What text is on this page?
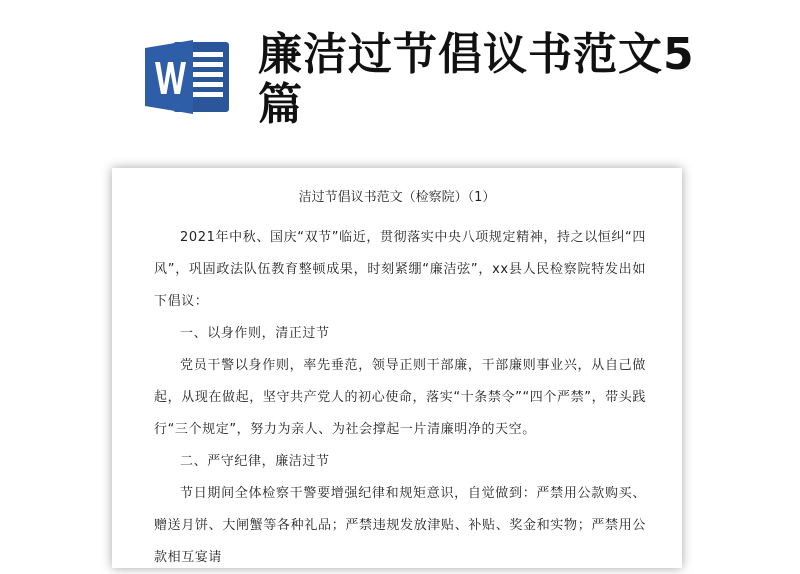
廉洁过节倡议书范文5篇
洁过节倡议书范文（检察院）（1）

2021年中秋、国庆“双节”临近，贯彻落实中央八项规定精神，持之以恒纠“四风”，巩固政法队伍教育整顿成果，时刻紧绷“廉洁弦”，xx县人民检察院特发出如下倡议：

一、以身作则，清正过节

党员干警以身作则，率先垂范，领导正则干部廉，干部廉则事业兴，从自己做起，从现在做起，坚守共产党人的初心使命，落实“十条禁令”“四个严禁”，带头践行“三个规定”，努力为亲人、为社会撑起一片清廉明净的天空。

二、严守纪律，廉洁过节

节日期间全体检察干警要增强纪律和规矩意识，自觉做到：严禁用公款购买、赠送月饼、大闸蟹等各种礼品；严禁违规发放津贴、补贴、奖金和实物；严禁用公款相互宴请
